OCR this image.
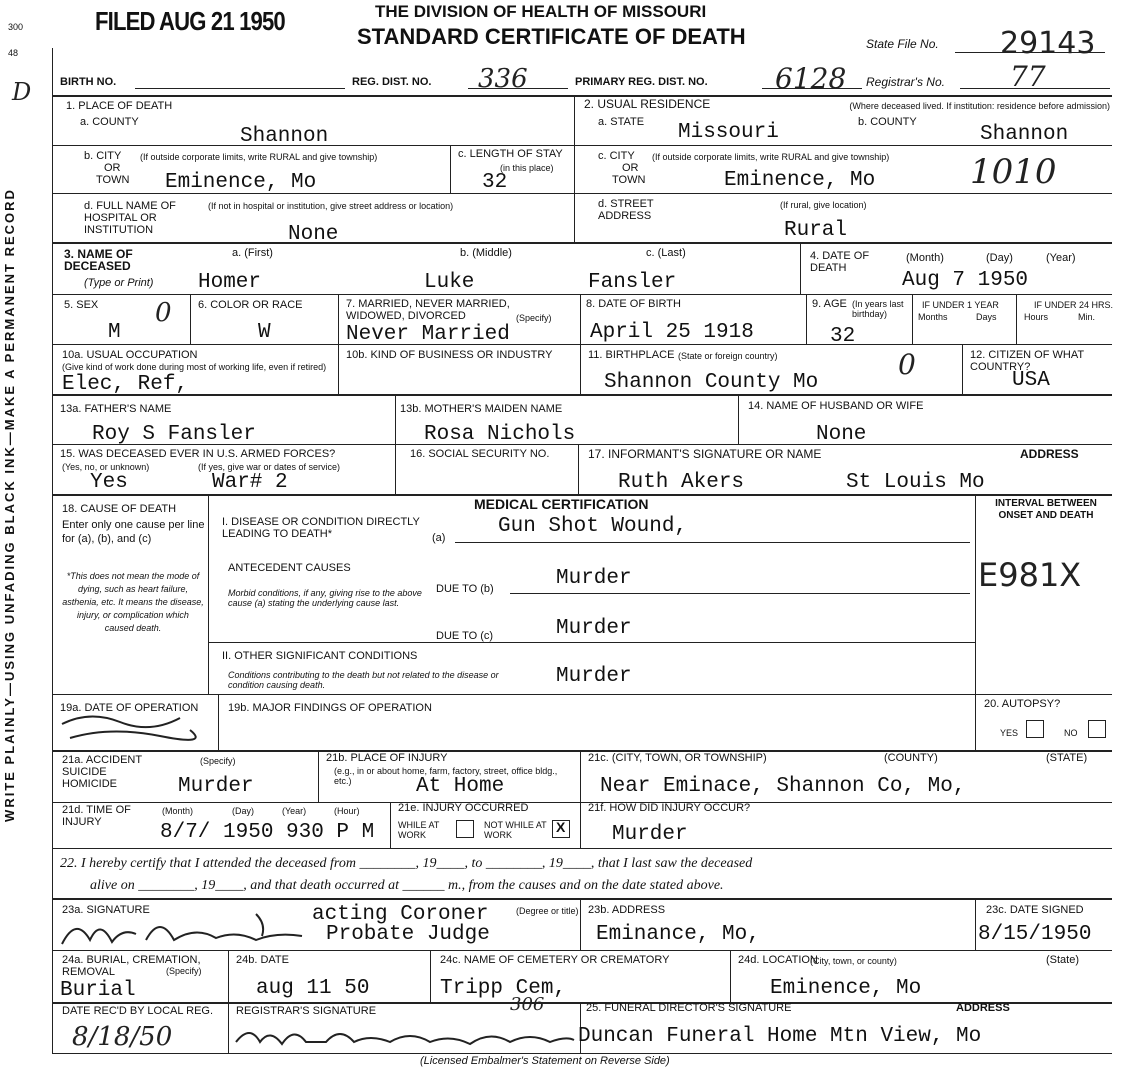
300
48
D
WRITE PLAINLY—USING UNFADING BLACK INK—MAKE A PERMANENT RECORD
FILED AUG 21 1950	THE DIVISION OF HEALTH OF MISSOURI
STANDARD CERTIFICATE OF DEATH	State File No. 29143
BIRTH NO.	REG. DIST. NO. 336	PRIMARY REG. DIST. NO. 6128 Registrar's No. 77
1. PLACE OF DEATH
a. COUNTY
Shannon
b. CITY (If outside corporate limits, write RURAL and give township)
OR
TOWN Eminence, Mo
c. LENGTH OF STAY
(in this place)
32
d. FULL NAME OF HOSPITAL OR INSTITUTION
(If not in hospital or institution, give street address or location)
None
2. USUAL RESIDENCE	(Where deceased lived. If institution: residence before admission)
a. STATE Missouri	b. COUNTY
Shannon
c. CITY (If outside corporate limits, write RURAL and give township)
OR
TOWN	Eminence, Mo	1010
d. STREET ADDRESS
(If rural, give location)
Rural
3. NAME OF DECEASED
(Type or Print)
a. (First)
Homer
b. (Middle)
Luke
c. (Last)
Fansler
4. DATE OF DEATH
(Month)	(Day)	(Year)
Aug 7 1950
5. SEX 0
M
6. COLOR OR RACE
W
7. MARRIED, NEVER MARRIED, WIDOWED, DIVORCED	(Specify)
Never Married
8. DATE OF BIRTH
April 25 1918
9. AGE (In years last birthday)
32
IF UNDER 1 YEAR
Months	Days
IF UNDER 24 HRS.
Hours	Min.
10a. USUAL OCCUPATION
(Give kind of work done during most of working life, even if retired)
Elec, Ref,
10b. KIND OF BUSINESS OR INDUSTRY	11. BIRTHPLACE (State or foreign country)
Shannon County Mo
0	12. CITIZEN OF WHAT COUNTRY?
USA
13a. FATHER'S NAME
Roy S Fansler
13b. MOTHER'S MAIDEN NAME
Rosa Nichols
14. NAME OF HUSBAND OR WIFE
None
15. WAS DECEASED EVER IN U.S. ARMED FORCES?
(Yes, no, or unknown)	(If yes, give war or dates of service)
Yes	War# 2
16. SOCIAL SECURITY NO.	17. INFORMANT'S SIGNATURE OR NAME	ADDRESS
Ruth Akers	St Louis Mo
MEDICAL CERTIFICATION
18. CAUSE OF DEATH
Enter only one cause per line for (a), (b), and (c)
*This does not mean the mode of dying, such as heart failure, asthenia, etc. It means the disease, injury, or complication which caused death.
INTERVAL BETWEEN ONSET AND DEATH
I. DISEASE OR CONDITION DIRECTLY LEADING TO DEATH*	(a)	Gun Shot Wound,
ANTECEDENT CAUSES
Morbid conditions, if any, giving rise to the above cause (a) stating the underlying cause last.
DUE TO (b)	Murder
DUE TO (c)	Murder
II. OTHER SIGNIFICANT CONDITIONS
Conditions contributing to the death but not related to the disease or condition causing death.	Murder
E981X
19a. DATE OF OPERATION	19b. MAJOR FINDINGS OF OPERATION	20. AUTOPSY?
YES	NO
21a. ACCIDENT SUICIDE HOMICIDE
(Specify)
Murder
21b. PLACE OF INJURY
(e.g., in or about home, farm, factory, street, office bldg., etc.)	At Home
21c. (CITY, TOWN, OR TOWNSHIP)	(COUNTY)	(STATE)
Near Eminace, Shannon Co, Mo,
21d. TIME OF INJURY
(Month)	(Day)	(Year)	(Hour)
8/7/ 1950 930 P M
21e. INJURY OCCURRED
WHILE AT WORK
NOT WHILE AT WORK	X
21f. HOW DID INJURY OCCUR?
Murder
22. I hereby certify that I attended the deceased from ________, 19____, to ________, 19____, that I last saw the deceased
alive on ________, 19____, and that death occurred at ______ m., from the causes and on the date stated above.
23a. SIGNATURE	(Degree or title)
acting Coroner
Probate Judge
23b. ADDRESS
Eminance, Mo,
23c. DATE SIGNED
8/15/1950
24a. BURIAL, CREMATION, REMOVAL	(Specify)
Burial
24b. DATE
aug 11 50
24c. NAME OF CEMETERY OR CREMATORY
Tripp Cem,
24d. LOCATION
(City, town, or county)	(State)
Eminence, Mo
DATE REC'D BY LOCAL REG.
8/18/50
REGISTRAR'S SIGNATURE	306	25. FUNERAL DIRECTOR'S SIGNATURE	ADDRESS
Duncan Funeral Home Mtn View, Mo
(Licensed Embalmer's Statement on Reverse Side)
